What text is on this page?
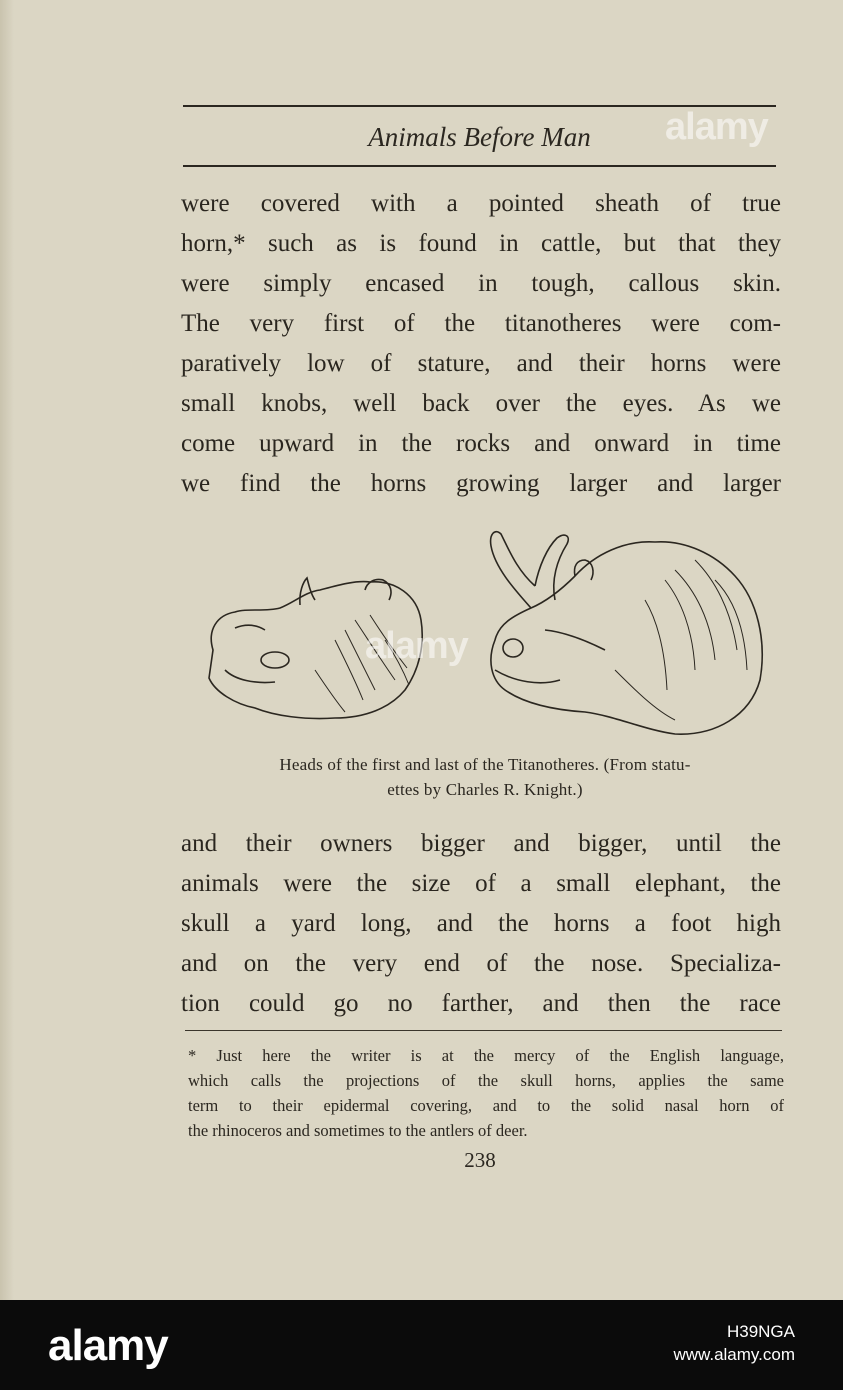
Animals Before Man
were covered with a pointed sheath of true
horn,* such as is found in cattle, but that they
were simply encased in tough, callous skin.
The very first of the titanotheres were com-
paratively low of stature, and their horns were
small knobs, well back over the eyes. As we
come upward in the rocks and onward in time
we find the horns growing larger and larger
Heads of the first and last of the Titanotheres. (From statu-
ettes by Charles R. Knight.)
and their owners bigger and bigger, until the
animals were the size of a small elephant, the
skull a yard long, and the horns a foot high
and on the very end of the nose. Specializa-
tion could go no farther, and then the race
* Just here the writer is at the mercy of the English language,
which calls the projections of the skull horns, applies the same
term to their epidermal covering, and to the solid nasal horn of
the rhinoceros and sometimes to the antlers of deer.
238
alamy
alamy
alamy	H39NGA
www.alamy.com
